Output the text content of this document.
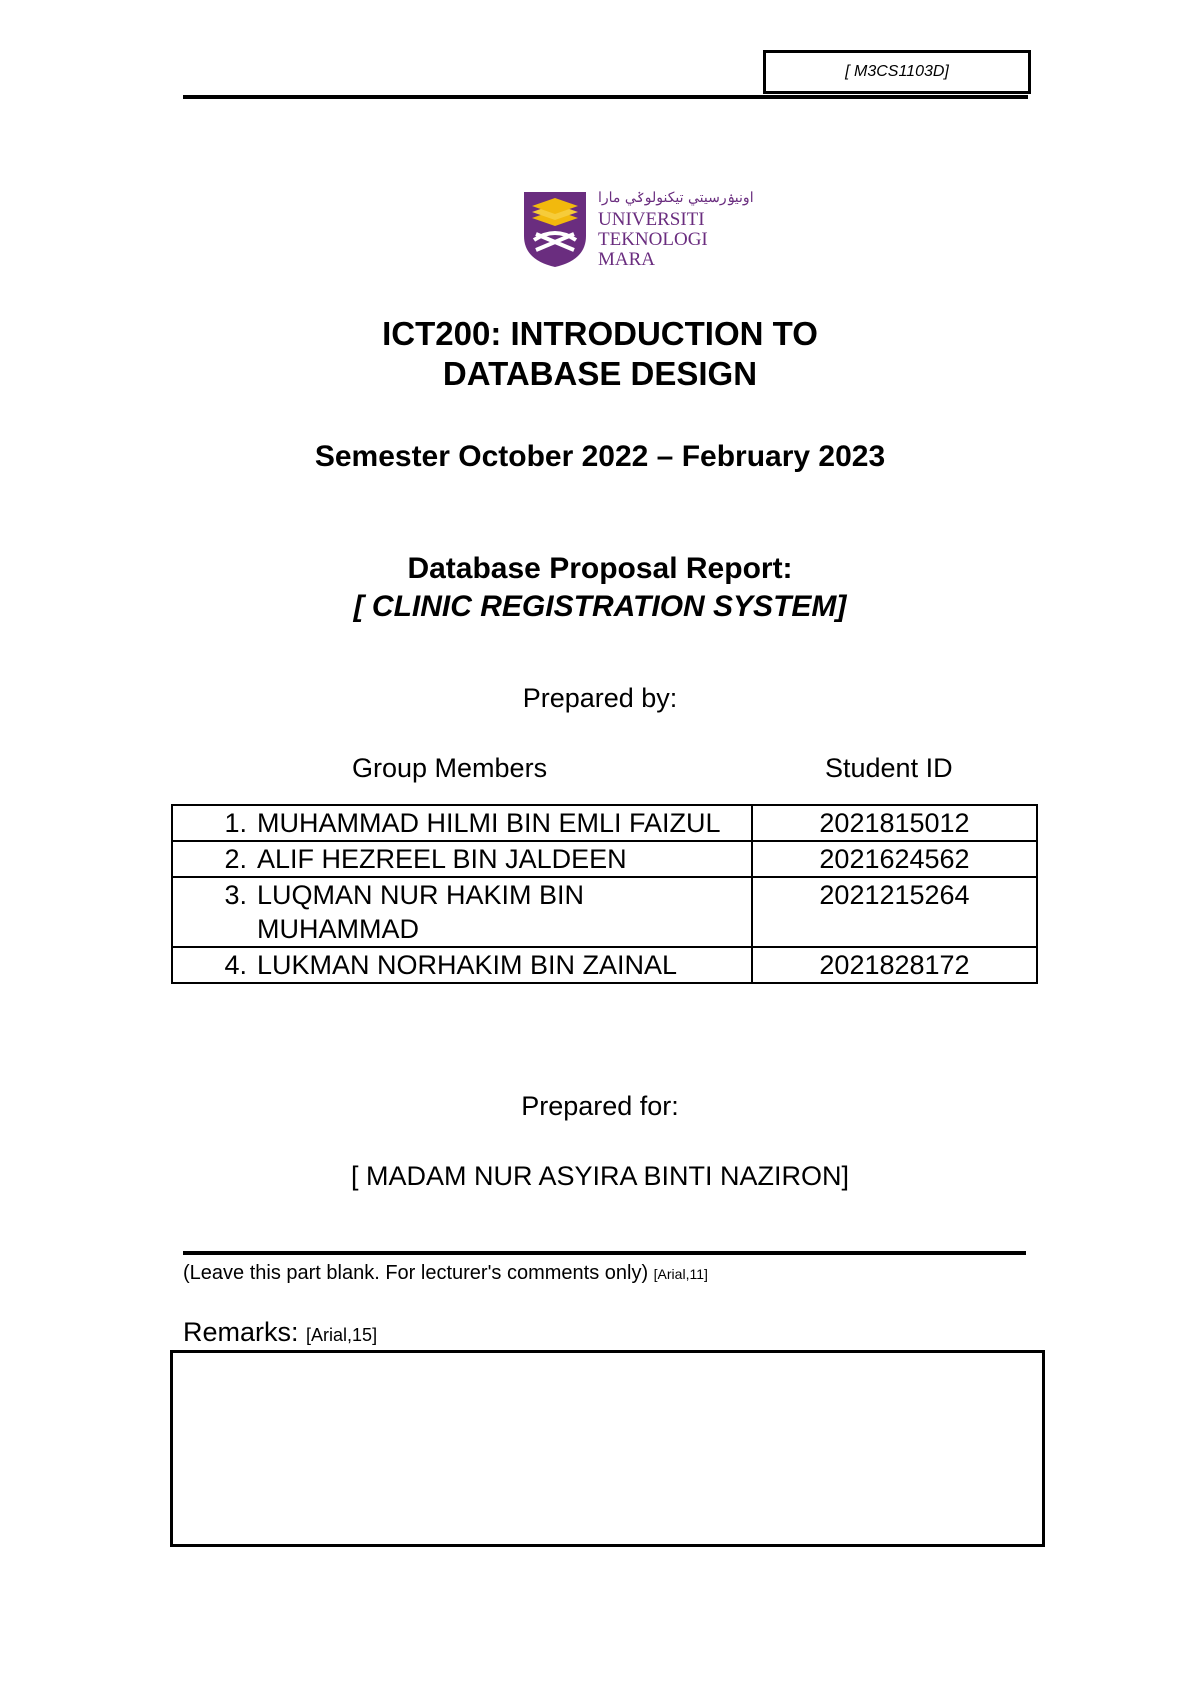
[ M3CS1103D]
اونيۏرسيتي تيكنولوݢي مارا
UNIVERSITI
TEKNOLOGI
MARA
ICT200: INTRODUCTION TO
DATABASE DESIGN
Semester October 2022 – February 2023
Database Proposal Report:
[ CLINIC REGISTRATION SYSTEM]
Prepared by:
Group Members	Student ID
1. MUHAMMAD HILMI BIN EMLI FAIZUL	2021815012

2. ALIF HEZREEL BIN JALDEEN	2021624562

3. LUQMAN NUR HAKIM BIN MUHAMMAD	2021215264

4. LUKMAN NORHAKIM BIN ZAINAL	2021828172
Prepared for:
[ MADAM NUR ASYIRA BINTI NAZIRON]
(Leave this part blank. For lecturer's comments only) [Arial,11]
Remarks: [Arial,15]
